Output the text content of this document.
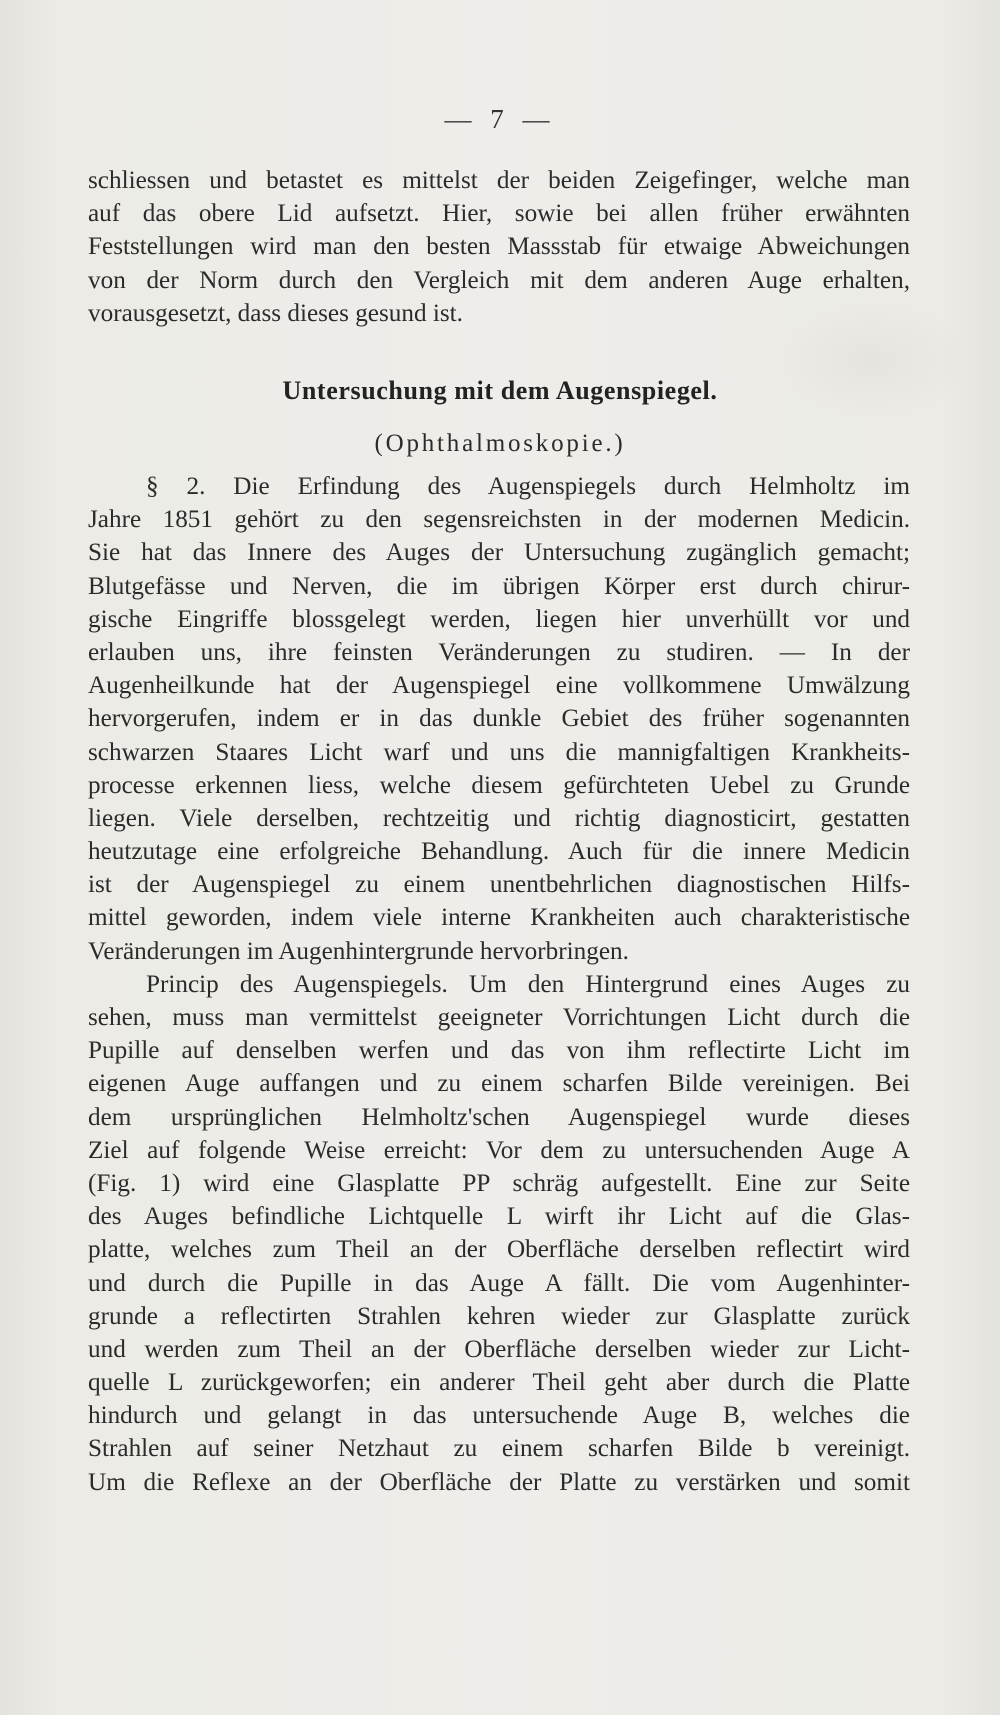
— 7 —
schliessen und betastet es mittelst der beiden Zeigefinger, welche man
auf das obere Lid aufsetzt. Hier, sowie bei allen früher erwähnten
Feststellungen wird man den besten Massstab für etwaige Abweichungen
von der Norm durch den Vergleich mit dem anderen Auge erhalten,
vorausgesetzt, dass dieses gesund ist.
Untersuchung mit dem Augenspiegel.
(Ophthalmoskopie.)
§ 2. Die Erfindung des Augenspiegels durch Helmholtz im
Jahre 1851 gehört zu den segensreichsten in der modernen Medicin.
Sie hat das Innere des Auges der Untersuchung zugänglich gemacht;
Blutgefässe und Nerven, die im übrigen Körper erst durch chirur-
gische Eingriffe blossgelegt werden, liegen hier unverhüllt vor und
erlauben uns, ihre feinsten Veränderungen zu studiren. — In der
Augenheilkunde hat der Augenspiegel eine vollkommene Umwälzung
hervorgerufen, indem er in das dunkle Gebiet des früher sogenannten
schwarzen Staares Licht warf und uns die mannigfaltigen Krankheits-
processe erkennen liess, welche diesem gefürchteten Uebel zu Grunde
liegen. Viele derselben, rechtzeitig und richtig diagnosticirt, gestatten
heutzutage eine erfolgreiche Behandlung. Auch für die innere Medicin
ist der Augenspiegel zu einem unentbehrlichen diagnostischen Hilfs-
mittel geworden, indem viele interne Krankheiten auch charakteristische
Veränderungen im Augenhintergrunde hervorbringen.
Princip des Augenspiegels. Um den Hintergrund eines Auges zu
sehen, muss man vermittelst geeigneter Vorrichtungen Licht durch die
Pupille auf denselben werfen und das von ihm reflectirte Licht im
eigenen Auge auffangen und zu einem scharfen Bilde vereinigen. Bei
dem ursprünglichen Helmholtz'schen Augenspiegel wurde dieses
Ziel auf folgende Weise erreicht: Vor dem zu untersuchenden Auge A
(Fig. 1) wird eine Glasplatte PP schräg aufgestellt. Eine zur Seite
des Auges befindliche Lichtquelle L wirft ihr Licht auf die Glas-
platte, welches zum Theil an der Oberfläche derselben reflectirt wird
und durch die Pupille in das Auge A fällt. Die vom Augenhinter-
grunde a reflectirten Strahlen kehren wieder zur Glasplatte zurück
und werden zum Theil an der Oberfläche derselben wieder zur Licht-
quelle L zurückgeworfen; ein anderer Theil geht aber durch die Platte
hindurch und gelangt in das untersuchende Auge B, welches die
Strahlen auf seiner Netzhaut zu einem scharfen Bilde b vereinigt.
Um die Reflexe an der Oberfläche der Platte zu verstärken und somit
